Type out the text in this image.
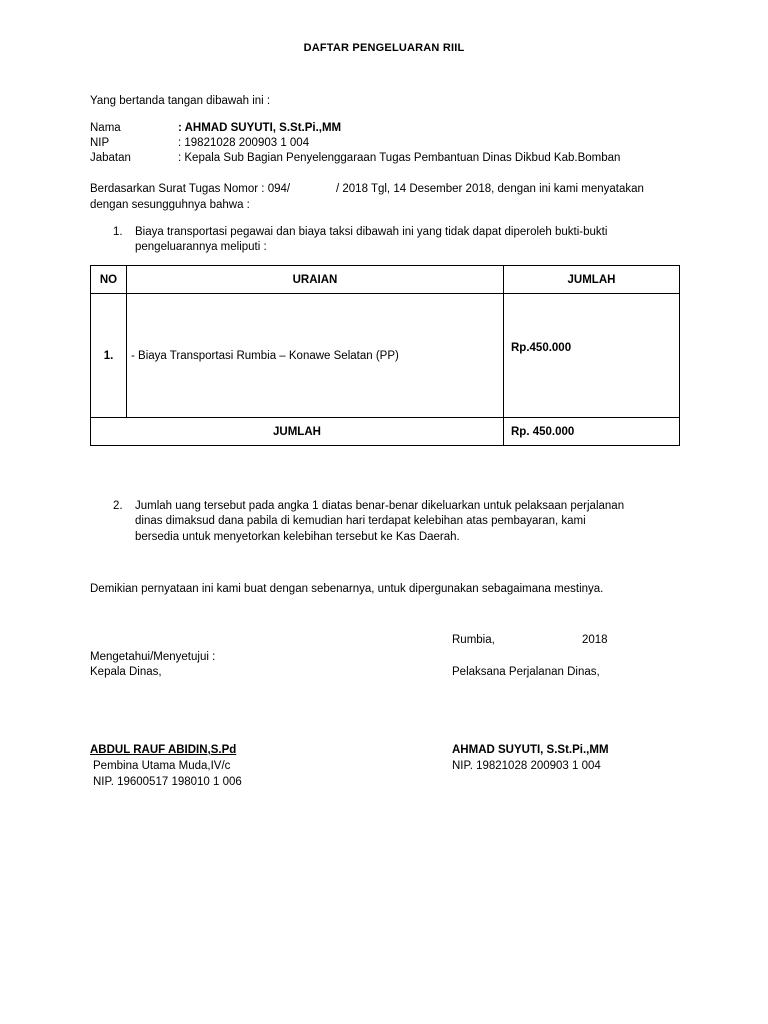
DAFTAR PENGELUARAN RIIL
Yang bertanda tangan dibawah ini :
Nama	: AHMAD SUYUTI, S.St.Pi.,MM
NIP	: 19821028 200903 1 004
Jabatan	: Kepala Sub Bagian Penyelenggaraan Tugas Pembantuan Dinas Dikbud Kab.Bomban
Berdasarkan Surat Tugas Nomor : 094/	/ 2018 Tgl, 14 Desember 2018, dengan ini kami menyatakan
dengan sesungguhnya bahwa :
1. Biaya transportasi pegawai dan biaya taksi dibawah ini yang tidak dapat diperoleh bukti-bukti
pengeluarannya meliputi :
NO	URAIAN	JUMLAH
1.	- Biaya Transportasi Rumbia – Konawe Selatan (PP)	Rp.450.000
JUMLAH		Rp. 450.000
2. Jumlah uang tersebut pada angka 1 diatas benar-benar dikeluarkan untuk pelaksaan perjalanan
dinas dimaksud dana pabila di kemudian hari terdapat kelebihan atas pembayaran, kami
bersedia untuk menyetorkan kelebihan tersebut ke Kas Daerah.
Demikian pernyataan ini kami buat dengan sebenarnya, untuk dipergunakan sebagaimana mestinya.
Rumbia,	2018
Mengetahui/Menyetujui :
Kepala Dinas,	Pelaksana Perjalanan Dinas,
ABDUL RAUF ABIDIN,S.Pd
Pembina Utama Muda,IV/c
NIP. 19600517 198010 1 006
AHMAD SUYUTI, S.St.Pi.,MM
NIP. 19821028 200903 1 004
